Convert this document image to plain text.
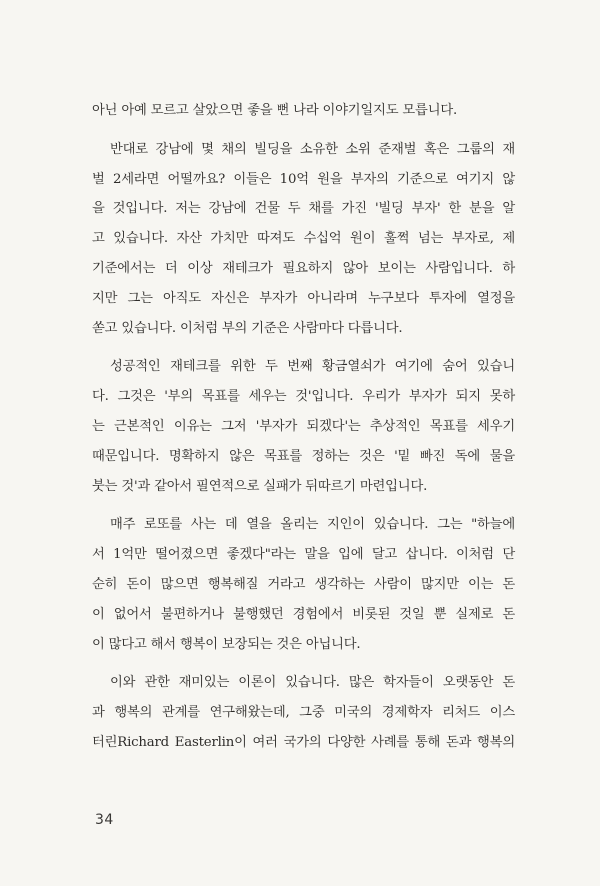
아닌 아예 모르고 살았으면 좋을 뻔 나라 이야기일지도 모릅니다.
반대로 강남에 몇 채의 빌딩을 소유한 소위 준재벌 혹은 그룹의 재
벌 2세라면 어떨까요? 이들은 10억 원을 부자의 기준으로 여기지 않
을 것입니다. 저는 강남에 건물 두 채를 가진 '빌딩 부자' 한 분을 알
고 있습니다. 자산 가치만 따져도 수십억 원이 훌쩍 넘는 부자로, 제
기준에서는 더 이상 재테크가 필요하지 않아 보이는 사람입니다. 하
지만 그는 아직도 자신은 부자가 아니라며 누구보다 투자에 열정을
쏟고 있습니다. 이처럼 부의 기준은 사람마다 다릅니다.
성공적인 재테크를 위한 두 번째 황금열쇠가 여기에 숨어 있습니
다. 그것은 '부의 목표를 세우는 것'입니다. 우리가 부자가 되지 못하
는 근본적인 이유는 그저 '부자가 되겠다'는 추상적인 목표를 세우기
때문입니다. 명확하지 않은 목표를 정하는 것은 '밑 빠진 독에 물을
붓는 것'과 같아서 필연적으로 실패가 뒤따르기 마련입니다.
매주 로또를 사는 데 열을 올리는 지인이 있습니다. 그는 "하늘에
서 1억만 떨어졌으면 좋겠다"라는 말을 입에 달고 삽니다. 이처럼 단
순히 돈이 많으면 행복해질 거라고 생각하는 사람이 많지만 이는 돈
이 없어서 불편하거나 불행했던 경험에서 비롯된 것일 뿐 실제로 돈
이 많다고 해서 행복이 보장되는 것은 아닙니다.
이와 관한 재미있는 이론이 있습니다. 많은 학자들이 오랫동안 돈
과 행복의 관계를 연구해왔는데, 그중 미국의 경제학자 리처드 이스
터린Richard Easterlin이 여러 국가의 다양한 사례를 통해 돈과 행복의
34
